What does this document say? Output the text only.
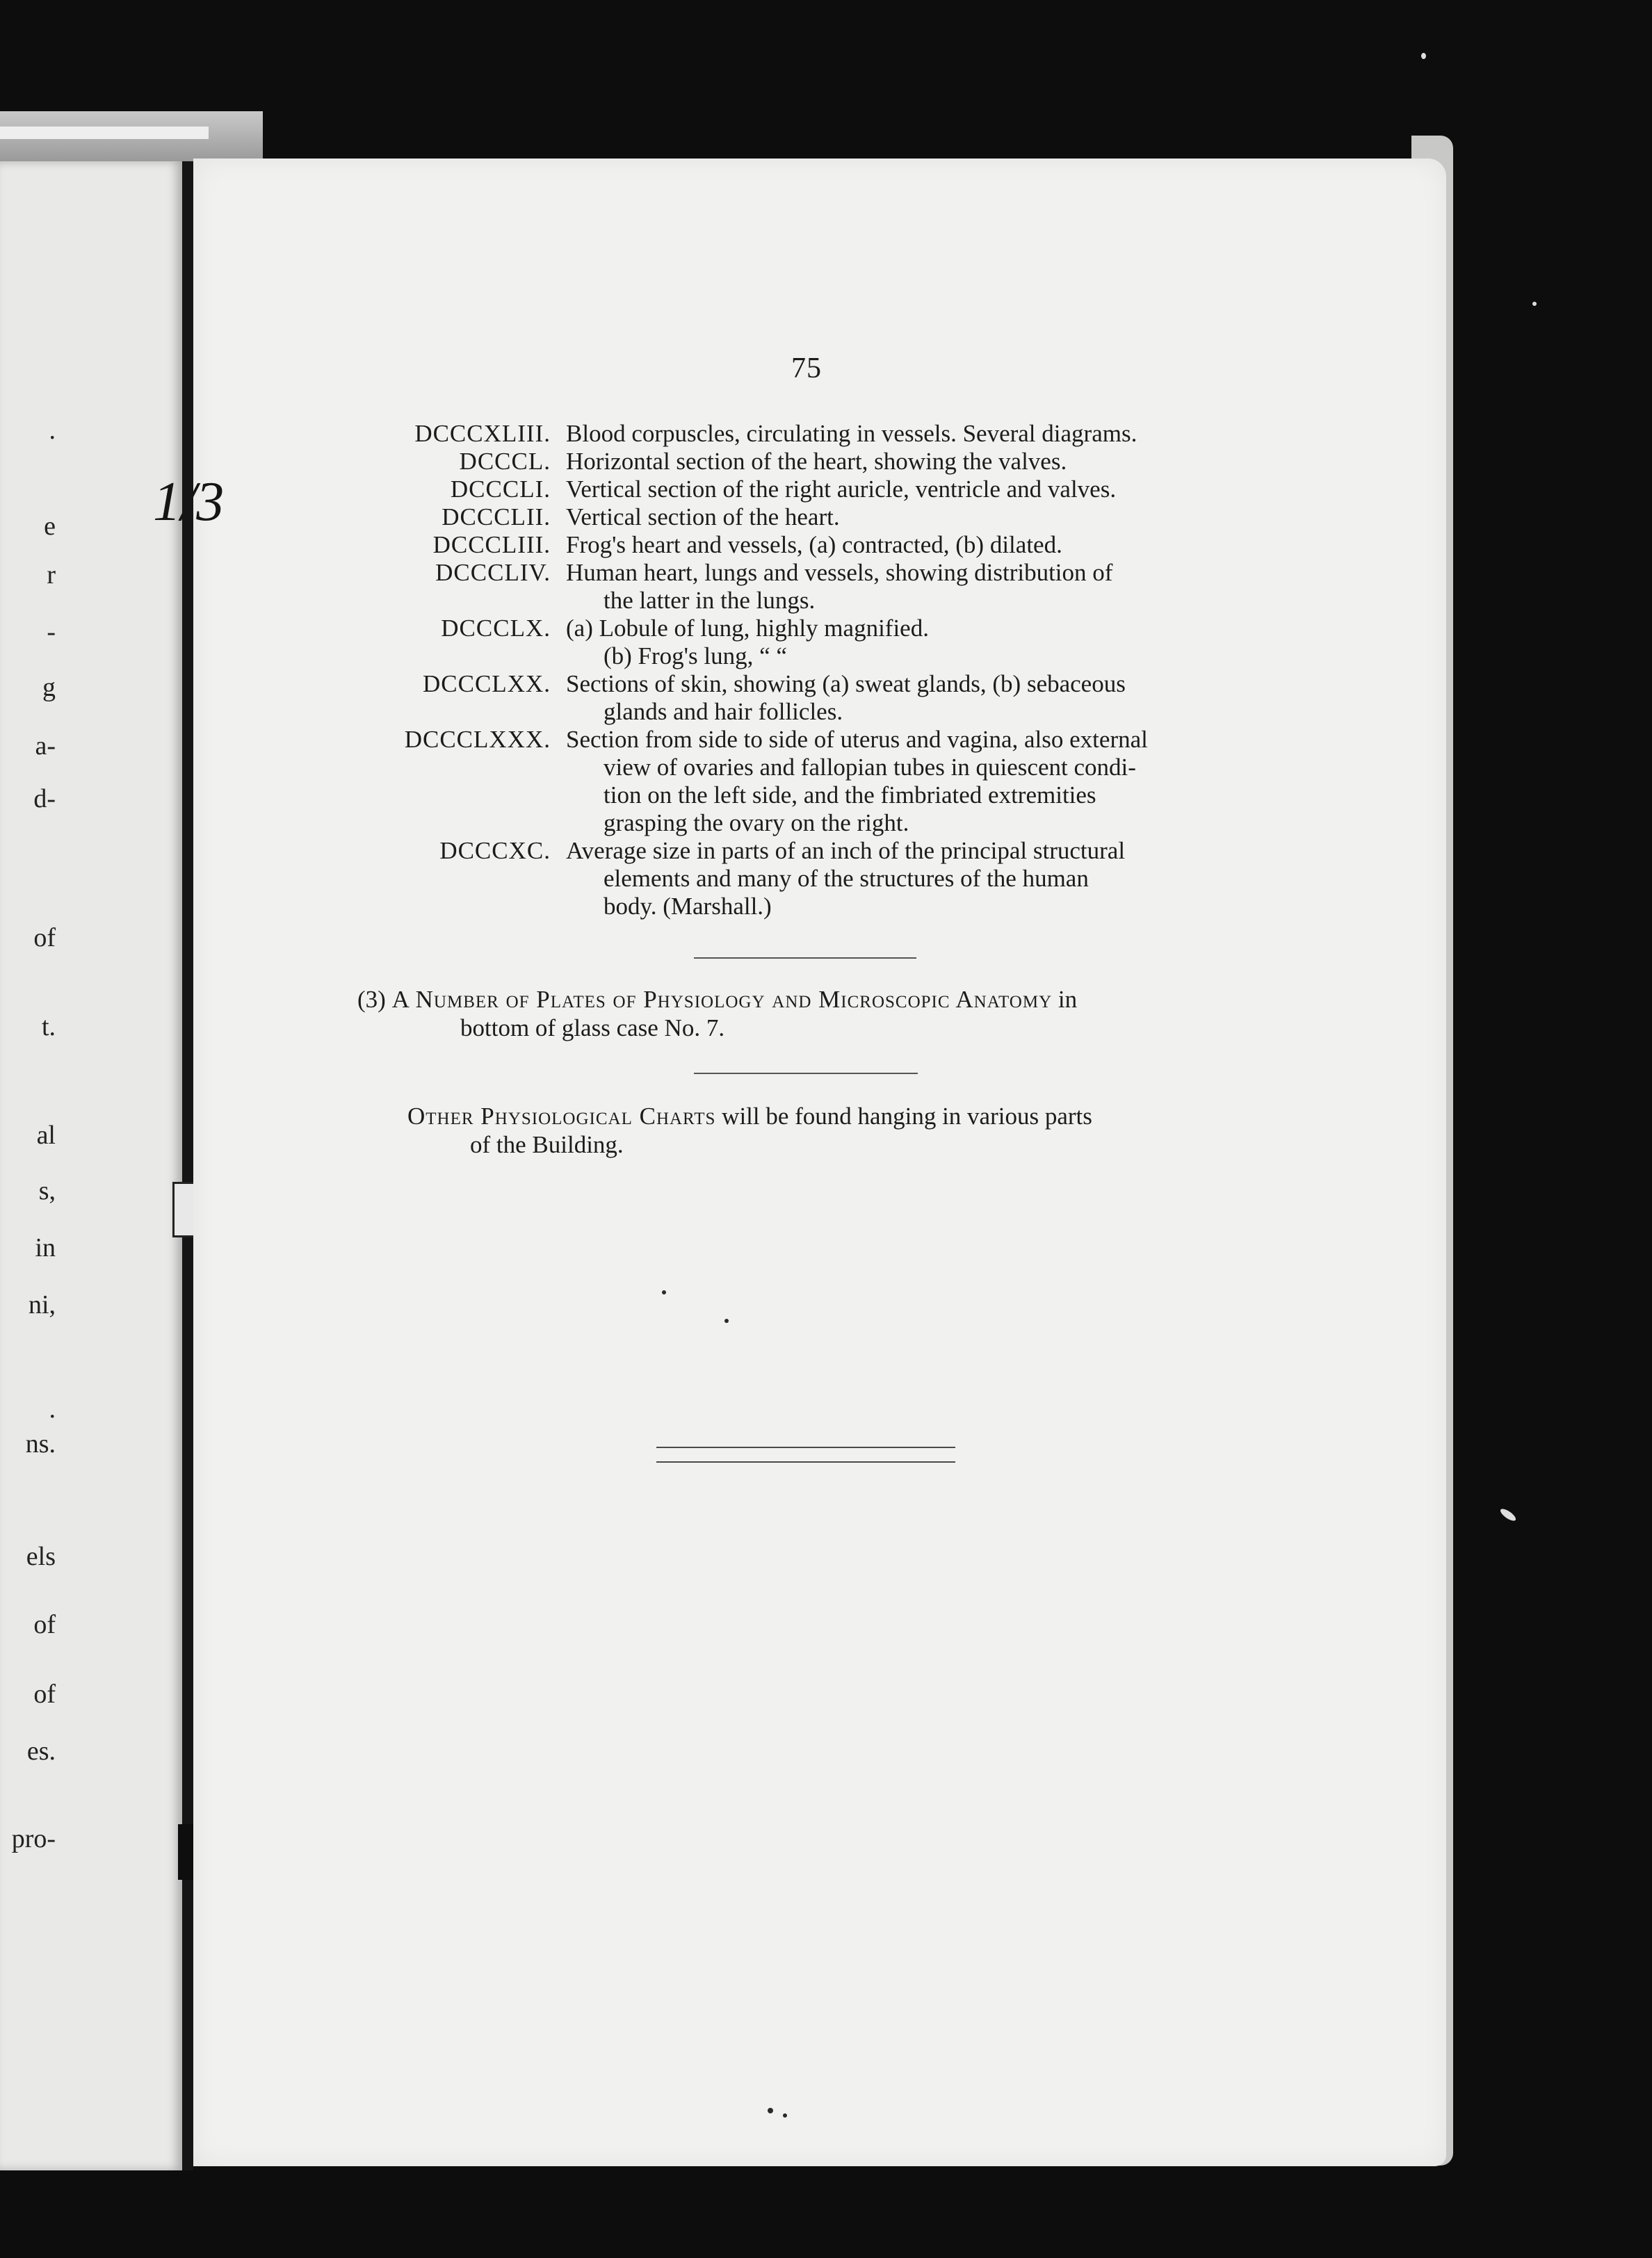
.
e
r
-
g
a-
d-
of
t.
al
s,
in
ni,
.
ns.
els
of
of
es.
pro-
1/3
75
DCCCXLIII. Blood corpuscles, circulating in vessels. Several diagrams.
DCCCL. Horizontal section of the heart, showing the valves.
DCCCLI. Vertical section of the right auricle, ventricle and valves.
DCCCLII. Vertical section of the heart.
DCCCLIII. Frog's heart and vessels, (a) contracted, (b) dilated.
DCCCLIV. Human heart, lungs and vessels, showing distribution of
the latter in the lungs.
DCCCLX. (a) Lobule of lung, highly magnified.
(b) Frog's lung, “ “
DCCCLXX. Sections of skin, showing (a) sweat glands, (b) sebaceous
glands and hair follicles.
DCCCLXXX. Section from side to side of uterus and vagina, also external
view of ovaries and fallopian tubes in quiescent condi-
tion on the left side, and the fimbriated extremities
grasping the ovary on the right.
DCCCXC. Average size in parts of an inch of the principal structural
elements and many of the structures of the human
body. (Marshall.)
(3) A Number of Plates of Physiology and Microscopic Anatomy in
bottom of glass case No. 7.
Other Physiological Charts will be found hanging in various parts
of the Building.
